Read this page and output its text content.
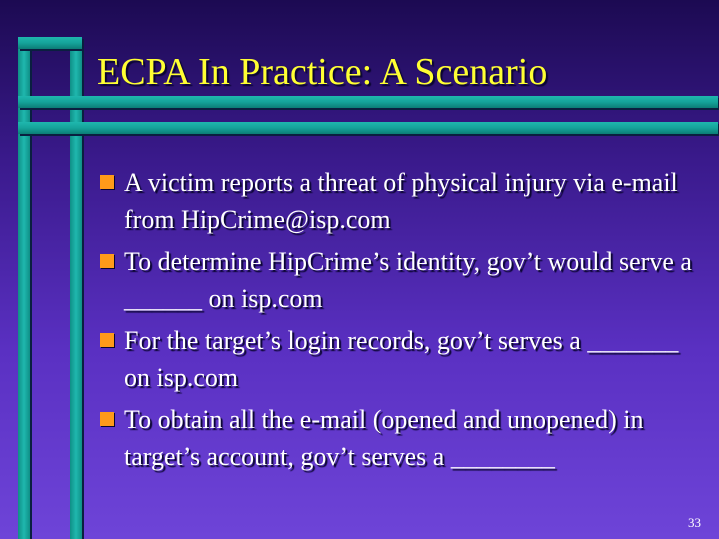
ECPA In Practice: A Scenario
A victim reports a threat of physical injury via e-mail from HipCrime@isp.com
To determine HipCrime’s identity, gov’t would serve a ______ on isp.com
For the target’s login records, gov’t serves a _______ on isp.com
To obtain all the e-mail (opened and unopened) in target’s account, gov’t serves a ________
33
